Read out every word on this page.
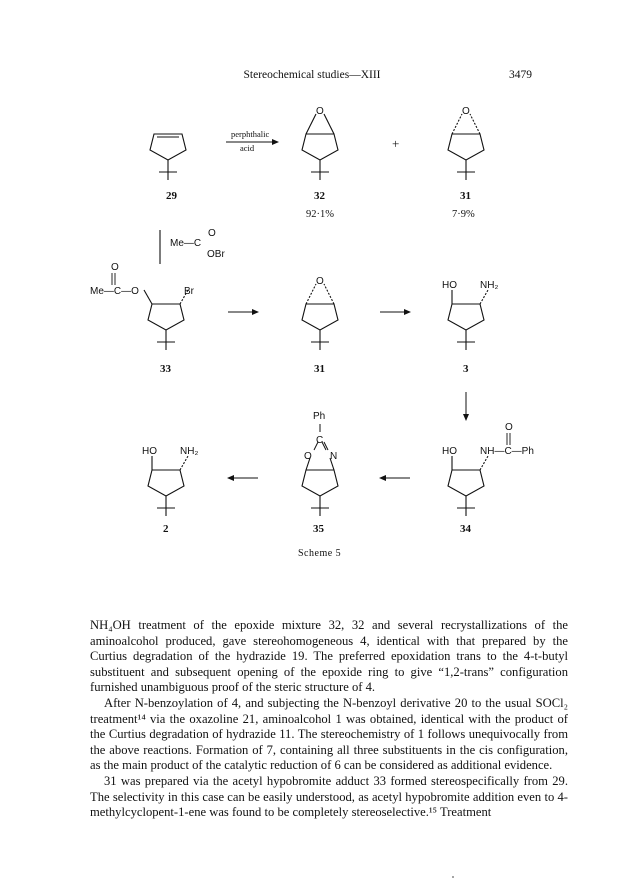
Stereochemical studies—XIII	3479
29
perphthalic
acid
O
32
92·1%
+
O
31
7·9%
Me—C
O
OBr
Me—C—O
O
Br
33
O
31
HO NH₂
3
HO NH₂
2
Ph
C
O N
35
Scheme 5
HO NH—C—Ph
O
34

NH₄OH treatment of the epoxide mixture 32, 32 and several recrystallizations of the aminoalcohol produced, gave stereohomogeneous 4, identical with that prepared by the Curtius degradation of the hydrazide 19. The preferred epoxidation trans to the 4-t-butyl substituent and subsequent opening of the epoxide ring to give “1,2-trans” configuration furnished unambiguous proof of the steric structure of 4.

After N-benzoylation of 4, and subjecting the N-benzoyl derivative 20 to the usual SOCl₂ treatment¹⁴ via the oxazoline 21, aminoalcohol 1 was obtained, identical with the product of the Curtius degradation of hydrazide 11. The stereochemistry of 1 follows unequivocally from the above reactions. Formation of 7, containing all three substituents in the cis configuration, as the main product of the catalytic reduction of 6 can be considered as additional evidence.

31 was prepared via the acetyl hypobromite adduct 33 formed stereospecifically from 29. The selectivity in this case can be easily understood, as acetyl hypobromite addition even to 4-methylcyclopent-1-ene was found to be completely stereoselective.¹⁵ Treatment
